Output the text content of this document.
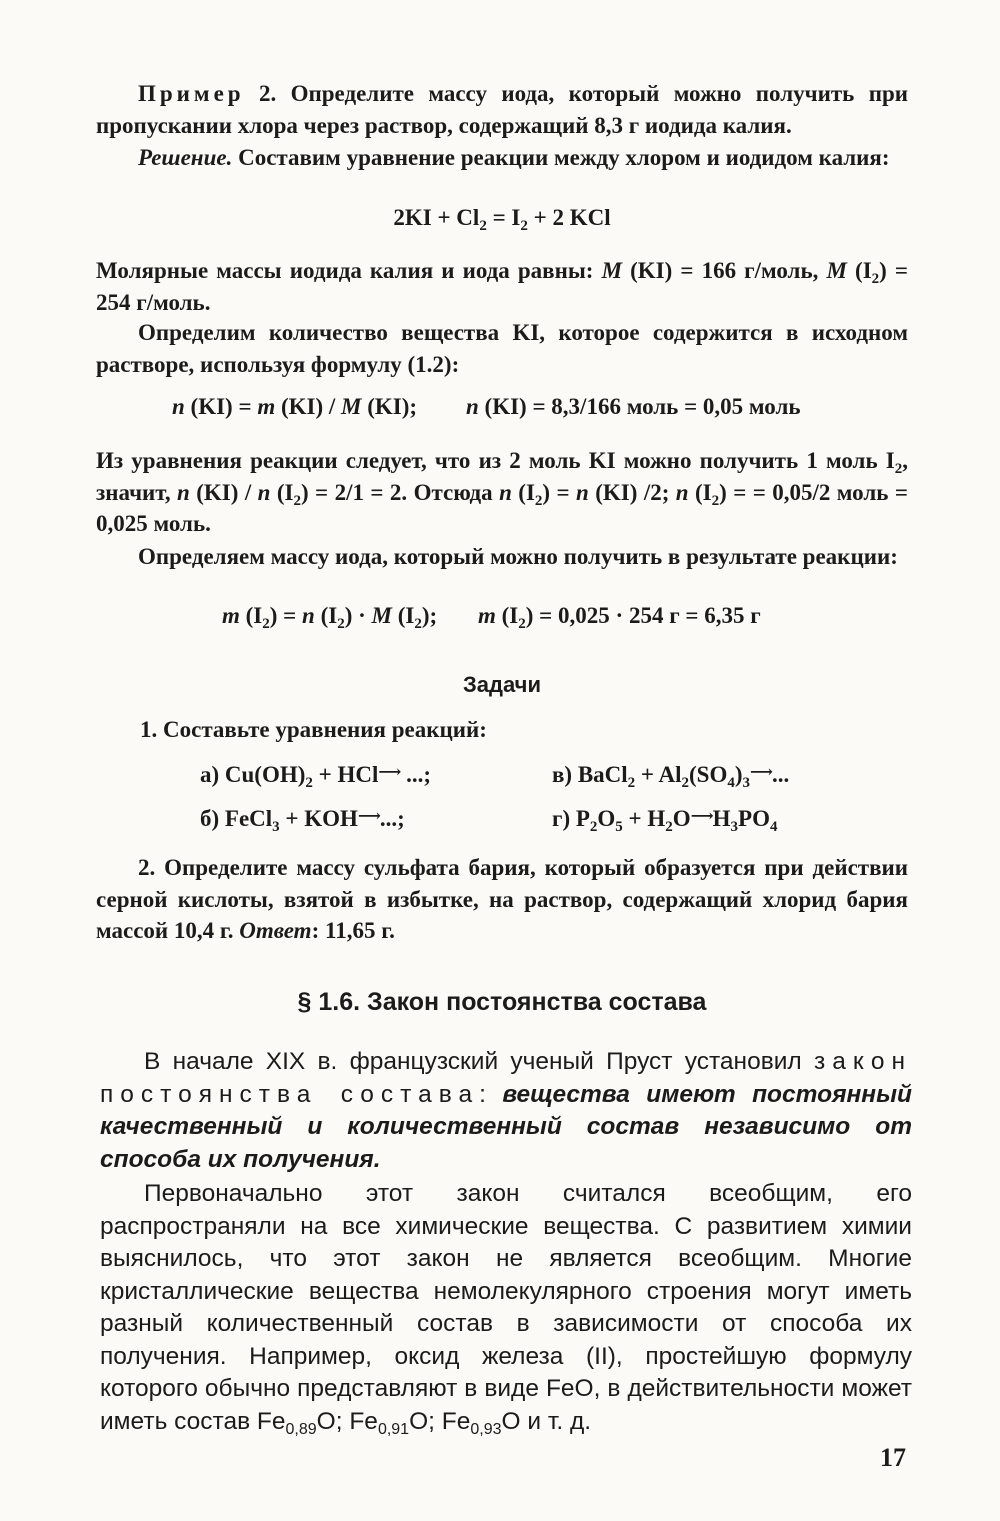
Пример 2. Определите массу иода, который можно получить при пропускании хлора через раствор, содержащий 8,3 г иодида калия.
Решение. Составим уравнение реакции между хлором и иодидом калия:
$2KI + Cl_2 = I_2 + 2$ KCl
Молярные массы иодида калия и иода равны: M (KI) = 166 г/моль, M $(I_2) = 254$ г/моль.
Определим количество вещества KI, которое содержится в исходном растворе, используя формулу (1.2):
n (KI) = m (KI) / M (KI); n (KI) = 8,3/166 моль = 0,05 моль
Из уравнения реакции следует, что из 2 моль KI можно получить 1 моль $I_2$, значит, n (KI) / n $(I_2) = 2/1 = 2$. Отсюда n $(I_2) = n$ (KI) /2; n $(I_2)$ = = 0,05/2 моль = 0,025 моль.
Определяем массу иода, который можно получить в результате реакции:
m $(I_2) = n$ $(I_2) \cdot M$ $(I_2)$; m $(I_2) = 0,025 \cdot 254$ г = 6,35 г
Задачи
1. Составьте уравнения реакций:
а) $Cu(OH)_2 + HCl^⟶$ ...;	в) BaCl$_2$ + $Al_2(SO_4)_3^⟶$...
б) FeCl$_3$ + KOH⟶...;	г) $P_2O_5 + H_2O^⟶H_3PO_4$
2. Определите массу сульфата бария, который образуется при действии серной кислоты, взятой в избытке, на раствор, содержащий хлорид бария массой 10,4 г. Ответ: 11,65 г.
§ 1.6. Закон постоянства состава
В начале XIX в. французский ученый Пруст установил закон постоянства состава: вещества имеют постоянный качественный и количественный состав независимо от способа их получения.
Первоначально этот закон считался всеобщим, его распространяли на все химические вещества. С развитием химии выяснилось, что этот закон не является всеобщим. Многие кристаллические вещества немолекулярного строения могут иметь разный количественный состав в зависимости от способа их получения. Например, оксид железа (II), простейшую формулу которого обычно представляют в виде FeO, в действительности может иметь состав $Fe_{0,89}O$; $Fe_{0,91}O$; $Fe_{0,93}O$ и т. д.
17
